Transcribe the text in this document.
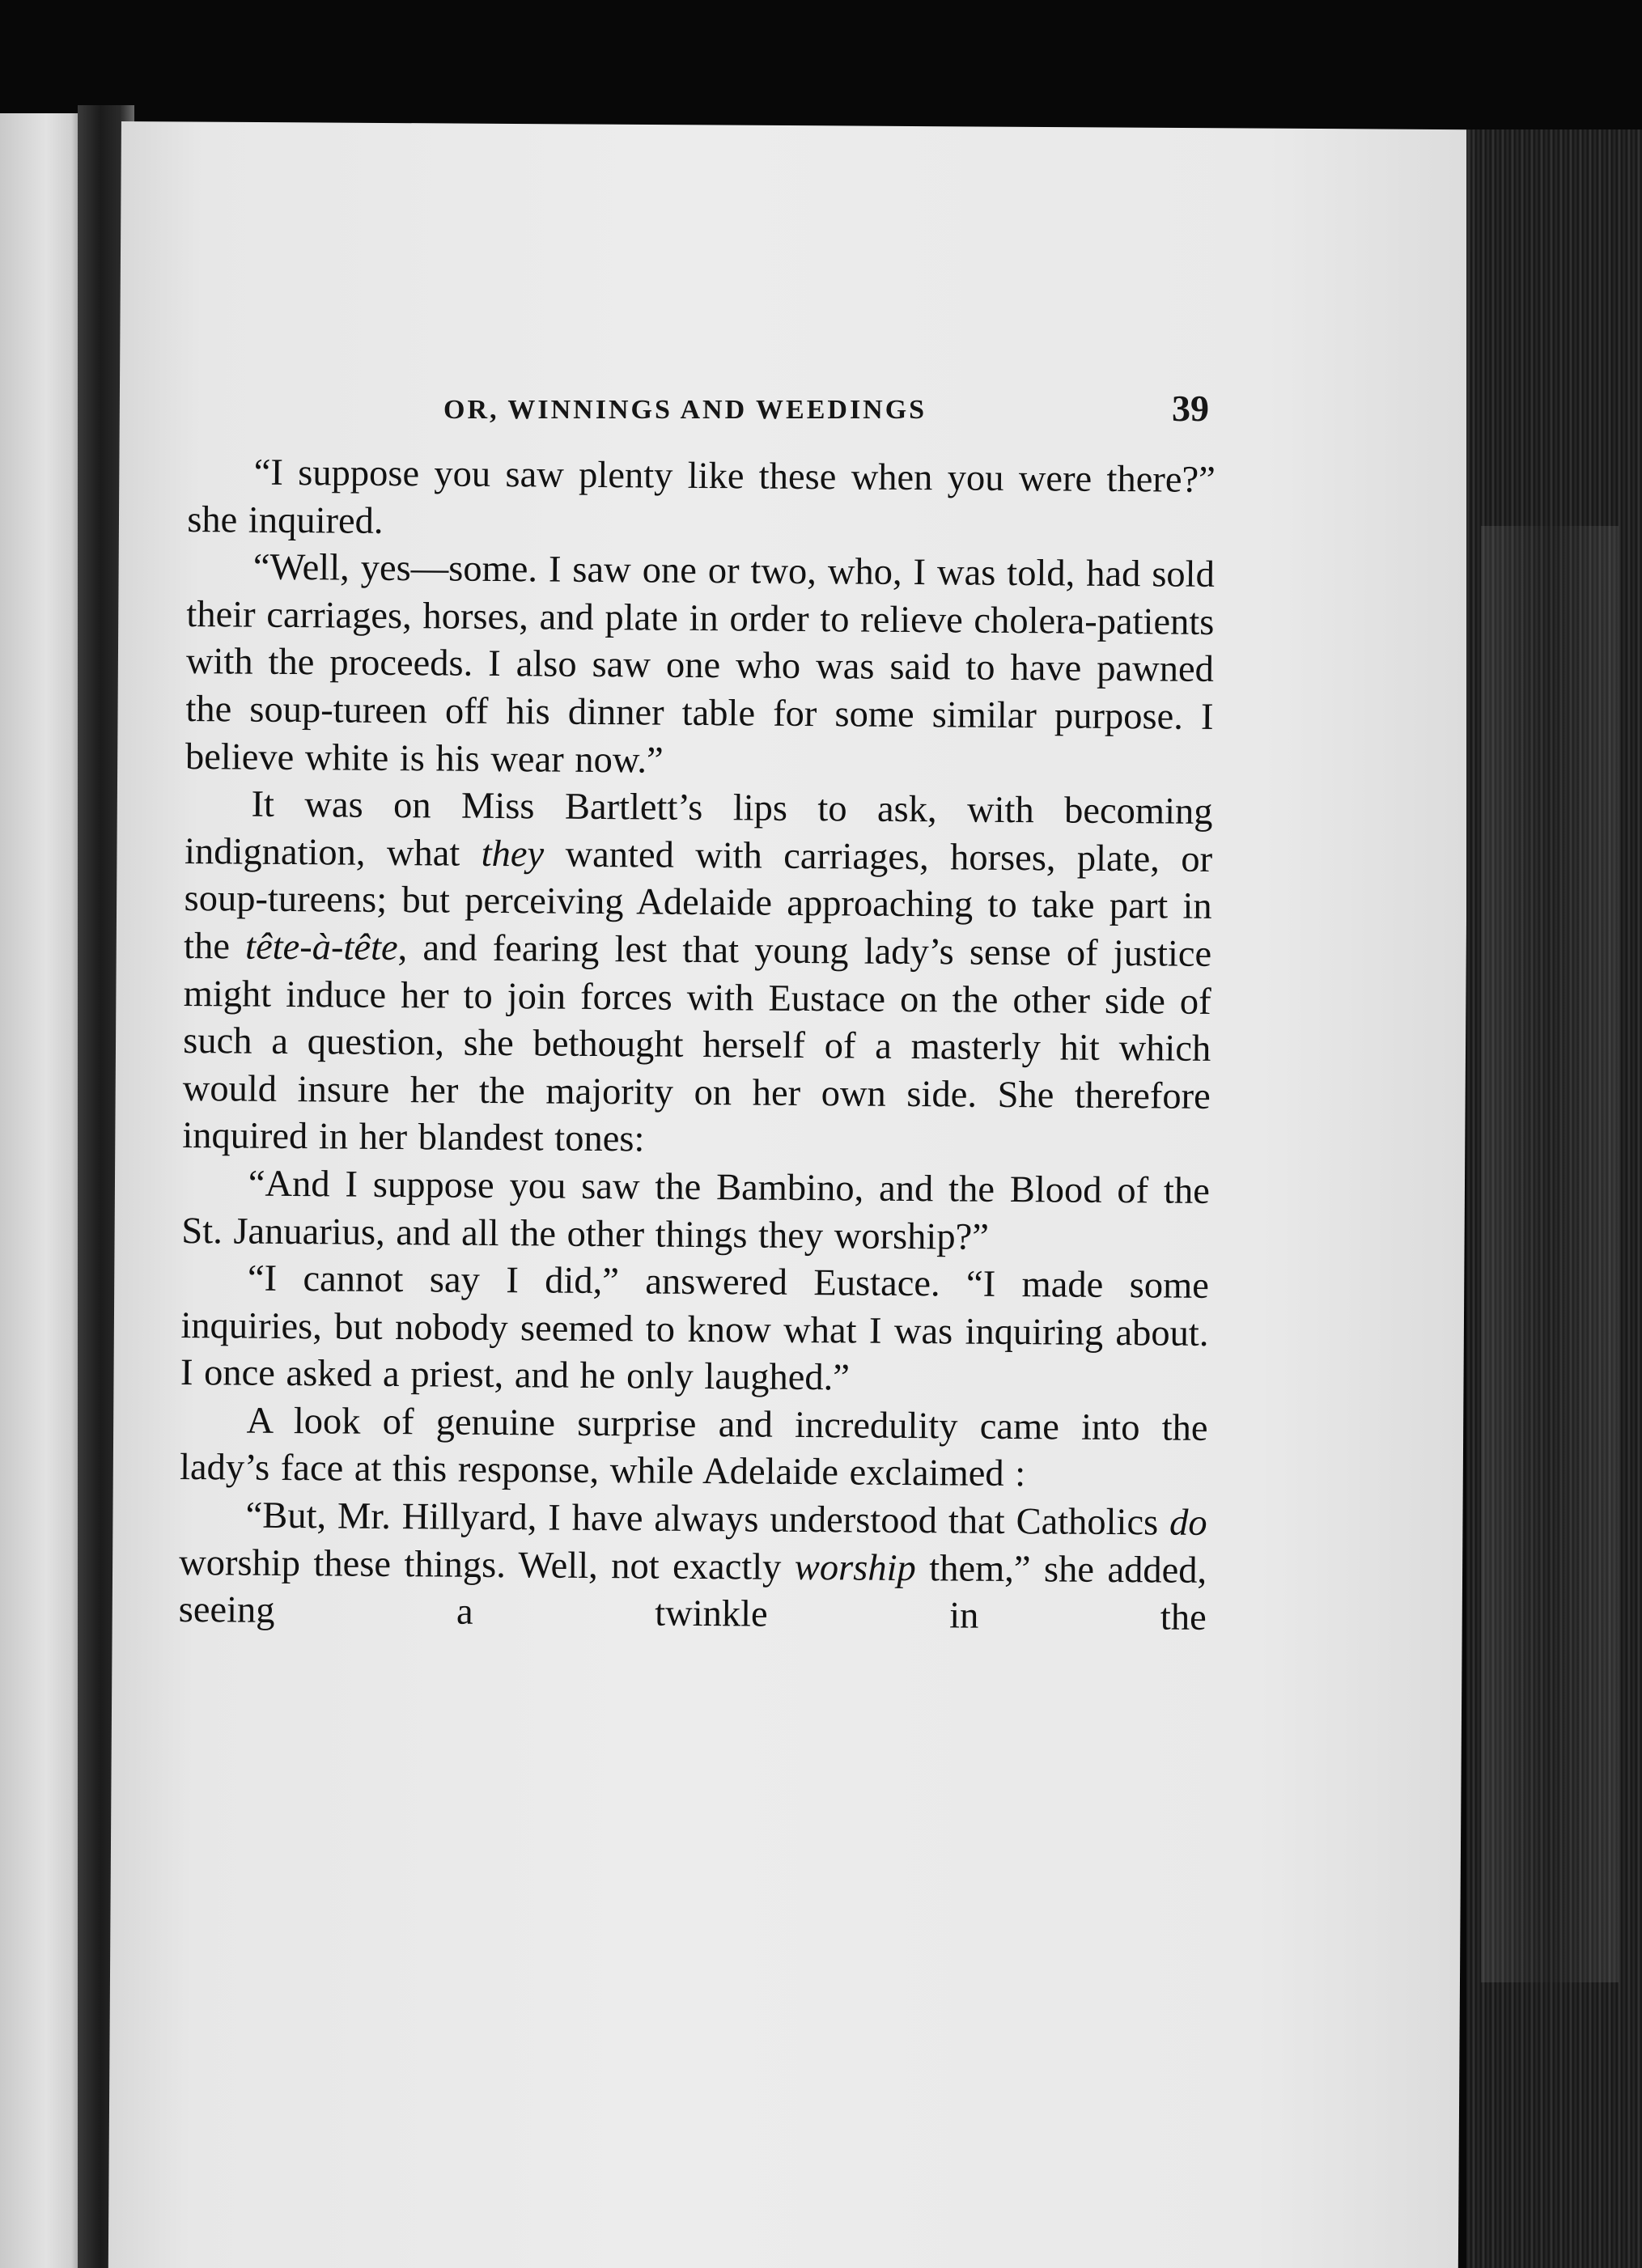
OR, WINNINGS AND WEEDINGS	39

“I suppose you saw plenty like these when you were there?” she inquired.

“Well, yes—some. I saw one or two, who, I was told, had sold their carriages, horses, and plate in order to relieve cholera-patients with the proceeds. I also saw one who was said to have pawned the soup-tureen off his dinner table for some similar purpose. I believe white is his wear now.”

It was on Miss Bartlett’s lips to ask, with becoming indignation, what they wanted with carriages, horses, plate, or soup-tureens; but perceiving Adelaide approaching to take part in the tête-à-tête, and fearing lest that young lady’s sense of justice might induce her to join forces with Eustace on the other side of such a question, she bethought herself of a masterly hit which would insure her the majority on her own side. She therefore inquired in her blandest tones:

“And I suppose you saw the Bambino, and the Blood of the St. Januarius, and all the other things they worship?”

“I cannot say I did,” answered Eustace. “I made some inquiries, but nobody seemed to know what I was inquiring about. I once asked a priest, and he only laughed.”

A look of genuine surprise and incredulity came into the lady’s face at this response, while Adelaide exclaimed :

“But, Mr. Hillyard, I have always understood that Catholics do worship these things. Well, not exactly worship them,” she added, seeing a twinkle in the
